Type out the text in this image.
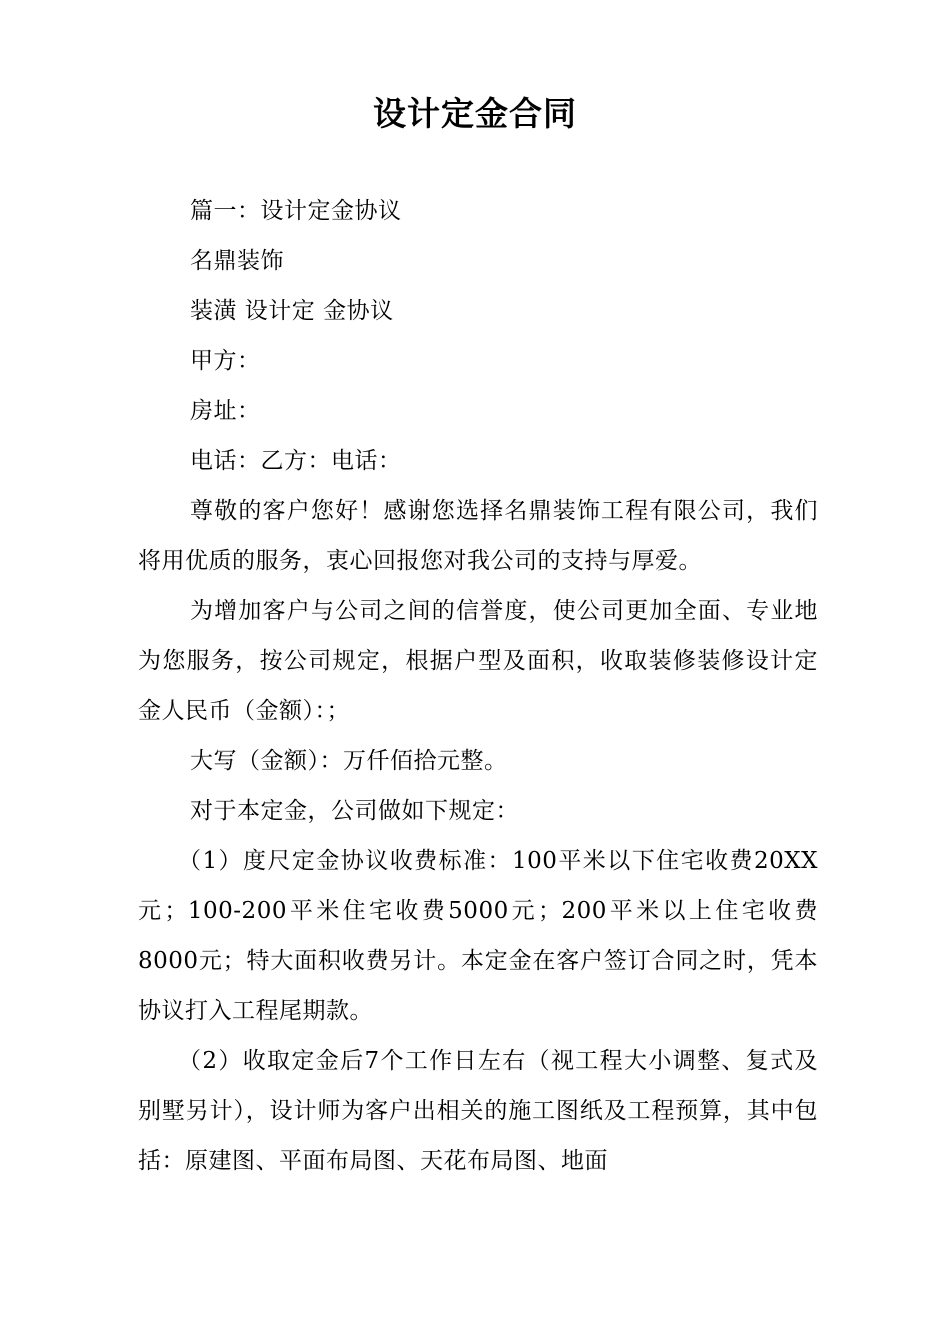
设计定金合同

篇一：设计定金协议

名鼎装饰

装潢 设计定 金协议

甲方：

房址：

电话：乙方：电话：

尊敬的客户您好！感谢您选择名鼎装饰工程有限公司，我们将用优质的服务，衷心回报您对我公司的支持与厚爱。

为增加客户与公司之间的信誉度，使公司更加全面、专业地为您服务，按公司规定，根据户型及面积，收取装修装修设计定金人民币（金额）：；

大写（金额）：万仟佰拾元整。

对于本定金，公司做如下规定：

（1）度尺定金协议收费标准：100平米以下住宅收费20XX元；100-200平米住宅收费5000元；200平米以上住宅收费8000元；特大面积收费另计。本定金在客户签订合同之时，凭本协议打入工程尾期款。

（2）收取定金后7个工作日左右（视工程大小调整、复式及别墅另计），设计师为客户出相关的施工图纸及工程预算，其中包括：原建图、平面布局图、天花布局图、地面
